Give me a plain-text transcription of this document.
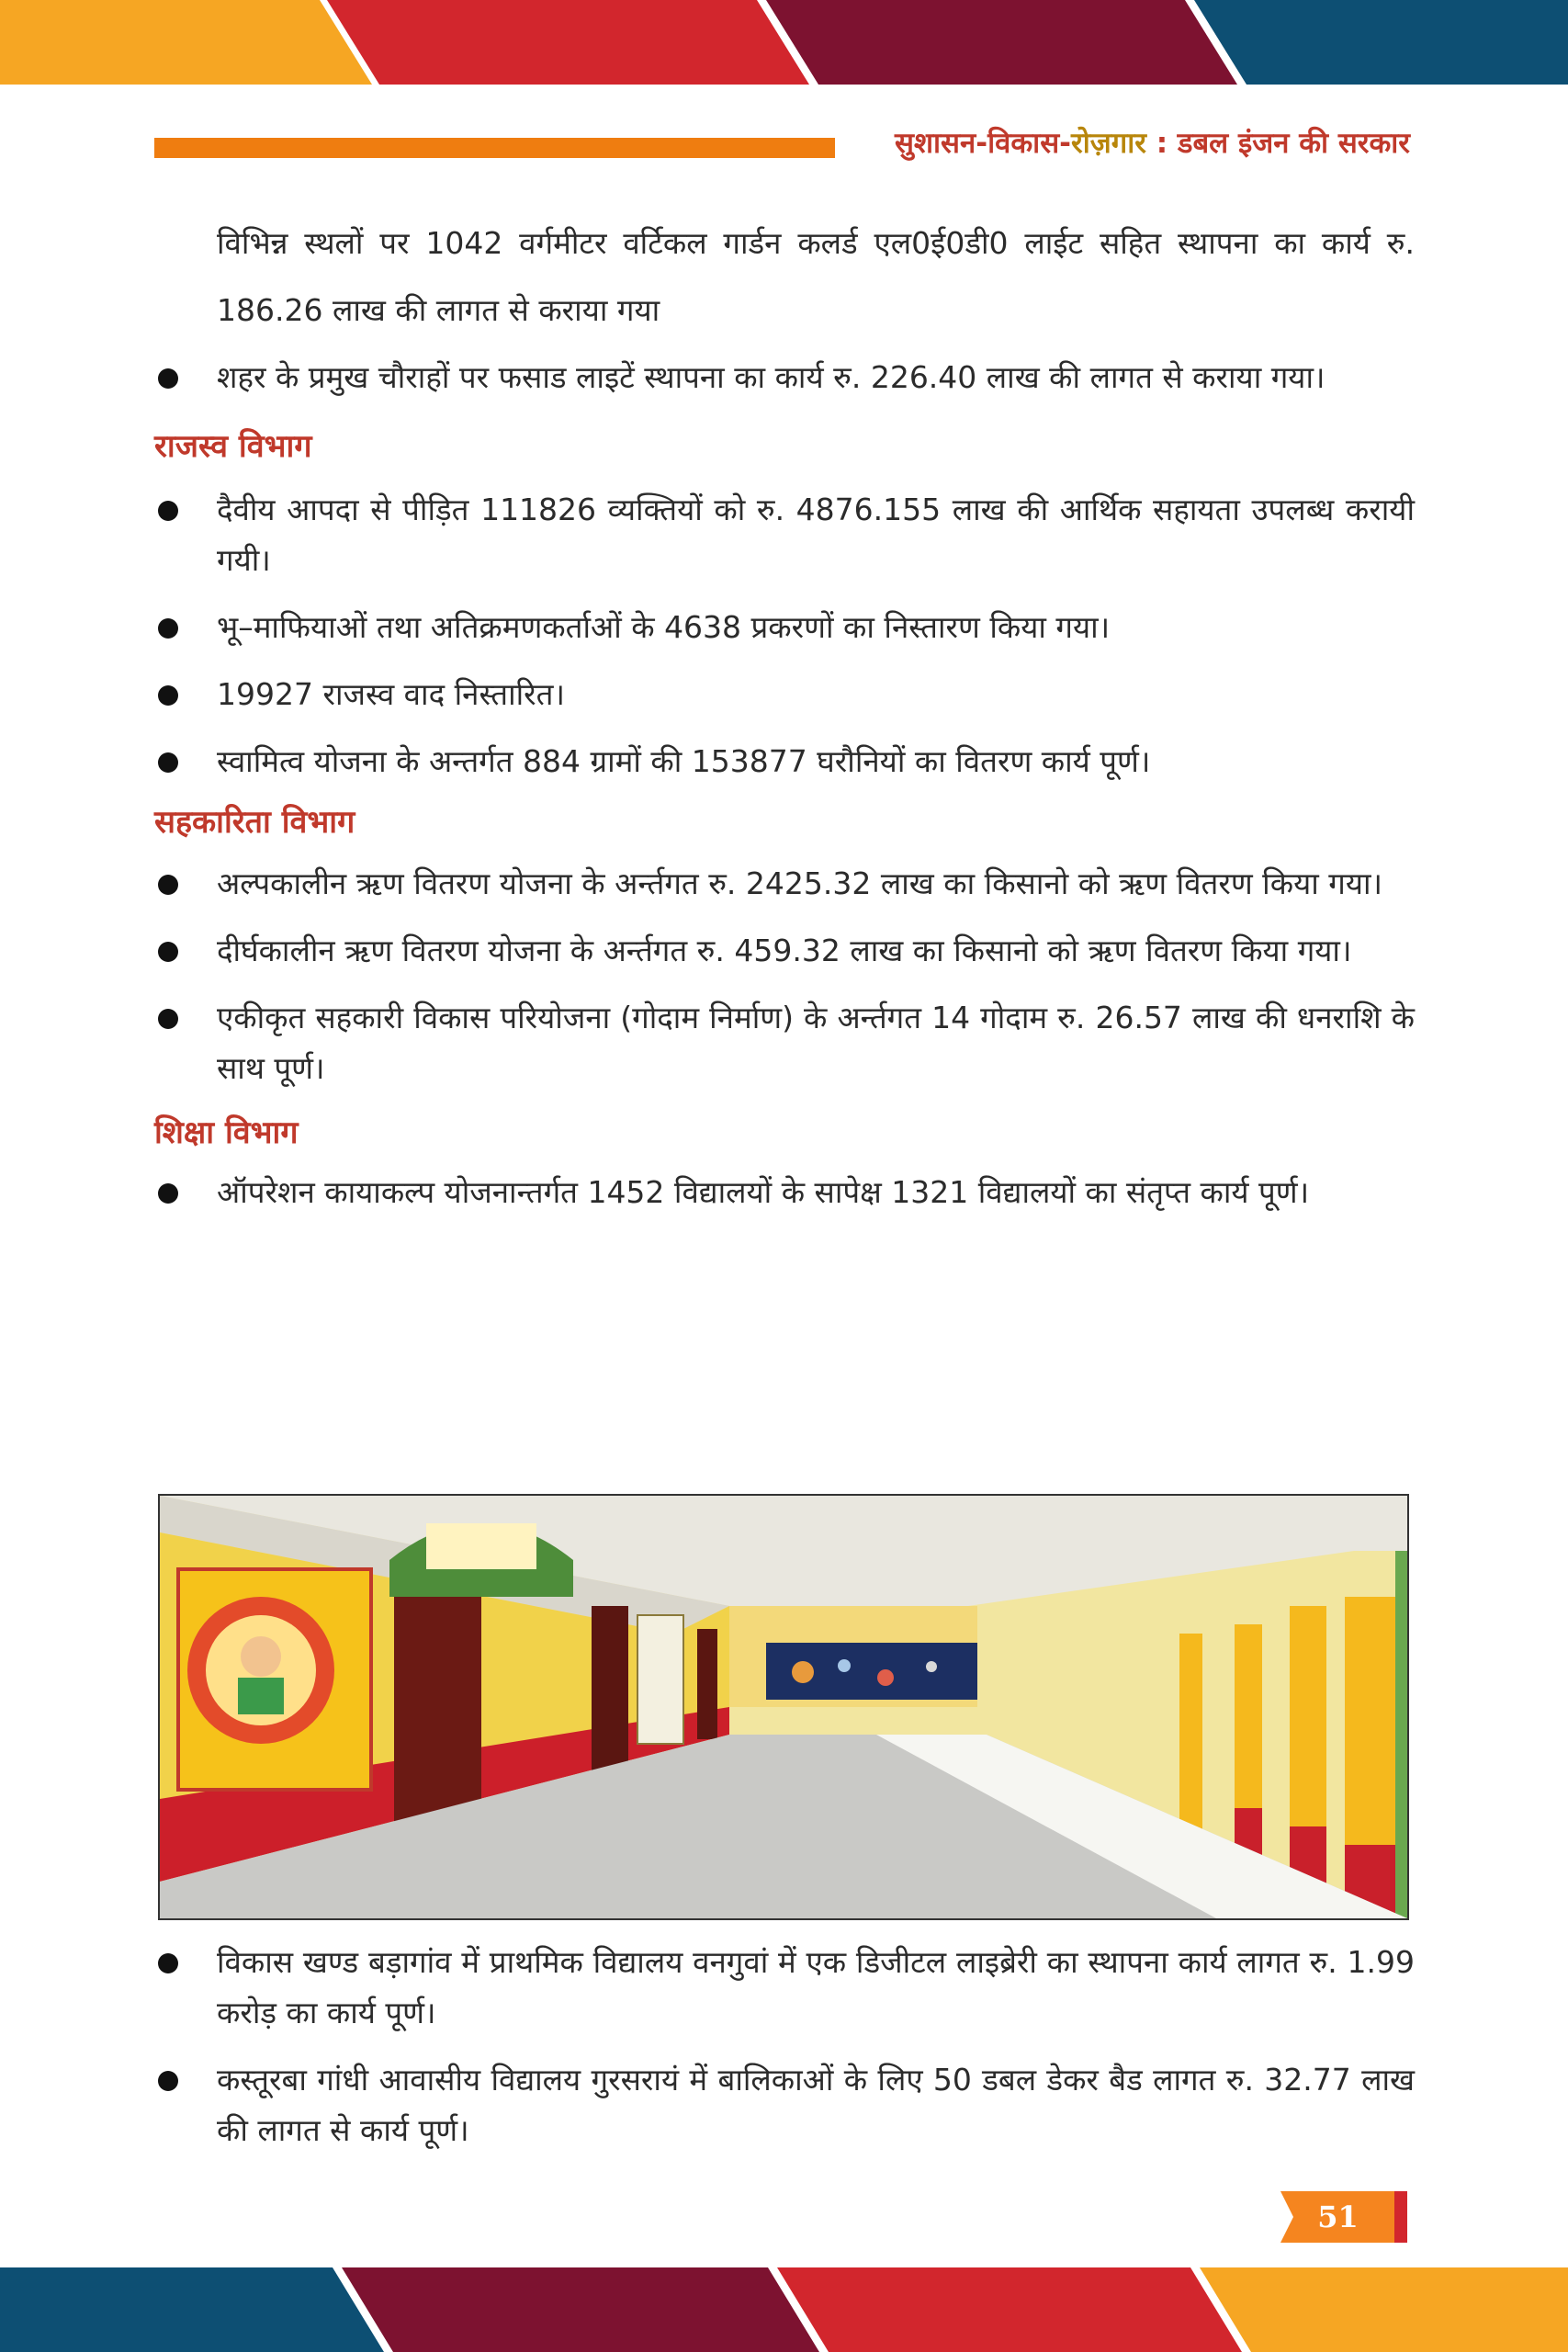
सुशासन-विकास-रोज़गार : डबल इंजन की सरकार

विभिन्न स्थलों पर 1042 वर्गमीटर वर्टिकल गार्डन कलर्ड एल0ई0डी0 लाईट सहित स्थापना का कार्य रु. 186.26 लाख की लागत से कराया गया

शहर के प्रमुख चौराहों पर फसाड लाइटें स्थापना का कार्य रु. 226.40 लाख की लागत से कराया गया।
राजस्व विभाग
दैवीय आपदा से पीड़ित 111826 व्यक्तियों को रु. 4876.155 लाख की आर्थिक सहायता उपलब्ध करायी गयी।
भू–माफियाओं तथा अतिक्रमणकर्ताओं के 4638 प्रकरणों का निस्तारण किया गया।
19927 राजस्व वाद निस्तारित।
स्वामित्व योजना के अन्तर्गत 884 ग्रामों की 153877 घरौनियों का वितरण कार्य पूर्ण।
सहकारिता विभाग
अल्पकालीन ऋण वितरण योजना के अर्न्तगत रु. 2425.32 लाख का किसानो को ऋण वितरण किया गया।
दीर्घकालीन ऋण वितरण योजना के अर्न्तगत रु. 459.32 लाख का किसानो को ऋण वितरण किया गया।
एकीकृत सहकारी विकास परियोजना (गोदाम निर्माण) के अर्न्तगत 14 गोदाम रु. 26.57 लाख की धनराशि के साथ पूर्ण।
शिक्षा विभाग
ऑपरेशन कायाकल्प योजनान्तर्गत 1452 विद्यालयों के सापेक्ष 1321 विद्यालयों का संतृप्त कार्य पूर्ण।
विकास खण्ड बड़ागांव में प्राथमिक विद्यालय वनगुवां में एक डिजीटल लाइब्रेरी का स्थापना कार्य लागत रु. 1.99 करोड़ का कार्य पूर्ण।
कस्तूरबा गांधी आवासीय विद्यालय गुरसरायं में बालिकाओं के लिए 50 डबल डेकर बैड लागत रु. 32.77 लाख की लागत से कार्य पूर्ण।
51
